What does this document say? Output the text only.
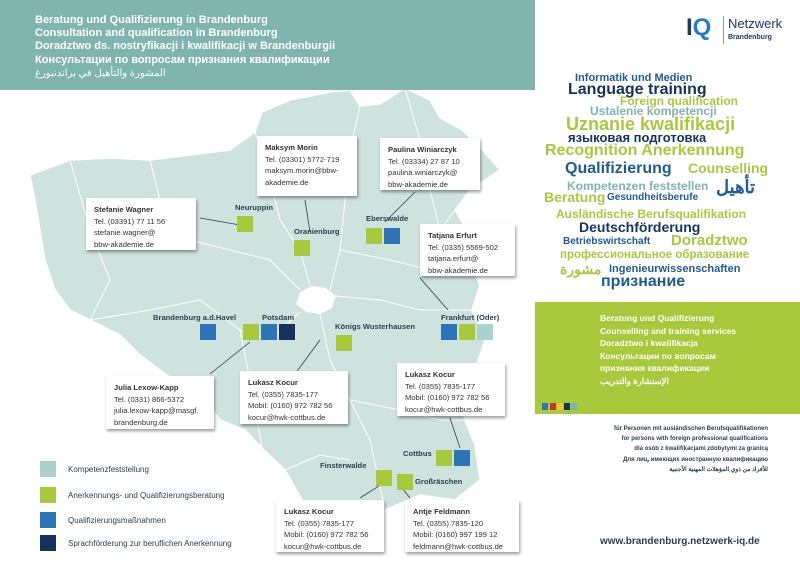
Beratung und Qualifizierung in Brandenburg
Consultation and qualification in Brandenburg
Doradztwo ds. nostryfikacji i kwalifikacji w Brandenburgii
Консультации по вопросам признания квалификации
المشورة والتأهيل في براندنبورغ
IQ Netzwerk
Brandenburg
Informatik und Medien
Language training
Foreign qualification
Ustalenie kompetencji
Uznanie kwalifikacji
языковая подготовка
Recognition Anerkennung
Qualifizierung Counselling
Kompetenzen feststellen تأهيل
Beratung Gesundheitsberufe
Ausländische Berufsqualifikation
Deutschförderung
Betriebswirtschaft Doradztwo
профессиональное образование
Ingenieurwissenschaften
مشورة
признание
Beratung und Qualifizierung
Counselling and training services
Doradztwo i kwalifikacja
Консультации по вопросам
признания квалификации
الإستشارة والتدريب
für Personen mit ausländischen Berufsqualifikationen
for persons with foreign professional qualifications
dla osób z kwalifikacjami zdobytymi za granicą
Для лиц, имеющих иностранную квалификацию
للأفراد من ذوي المؤهلات المهنية الأجنبية
www.brandenburg.netzwerk-iq.de
Neuruppin
Oranienburg
Eberswalde
Brandenburg a.d.Havel	Potsdam
Königs Wusterhausen
Frankfurt (Oder)
Cottbus
Finsterwalde
Großräschen
Stefanie Wagner
Tel. (03391) 77 11 56
stefanie.wagner@
bbw-akademie.de
Maksym Morin
Tel. (03301) 5772-719
maksym.morin@bbw-
akademie.de
Paulina Winiarczyk
Tel. (03334) 27 87 10
paulina.winiarczyk@
bbw-akademie.de
Tatjana Erfurt
Tel. (0335) 5569-502
tatjana.erfurt@
bbw-akademie.de
Julia Lexow-Kapp
Tel. (0331) 866-5372
julia.lexow-kapp@masgf.
brandenburg.de
Lukasz Kocur
Tel. (0355) 7835-177
Mobil: (0160) 972 782 56
kocur@hwk-cottbus.de
Lukasz Kocur
Tel. (0355) 7835-177
Mobil: (0160) 972 782 56
kocur@hwk-cottbus.de
Lukasz Kocur
Tel. (0355) 7835-177
Mobil: (0160) 972 782 56
kocur@hwk-cottbus.de
Antje Feldmann
Tel. (0355) 7835-120
Mobil: (0160) 997 199 12
feldmann@hwk-cottbus.de
Kompetenzfeststellung
Anerkennungs- und Qualifizierungsberatung
Qualifizierungsmaßnahmen
Sprachförderung zur beruflichen Anerkennung
